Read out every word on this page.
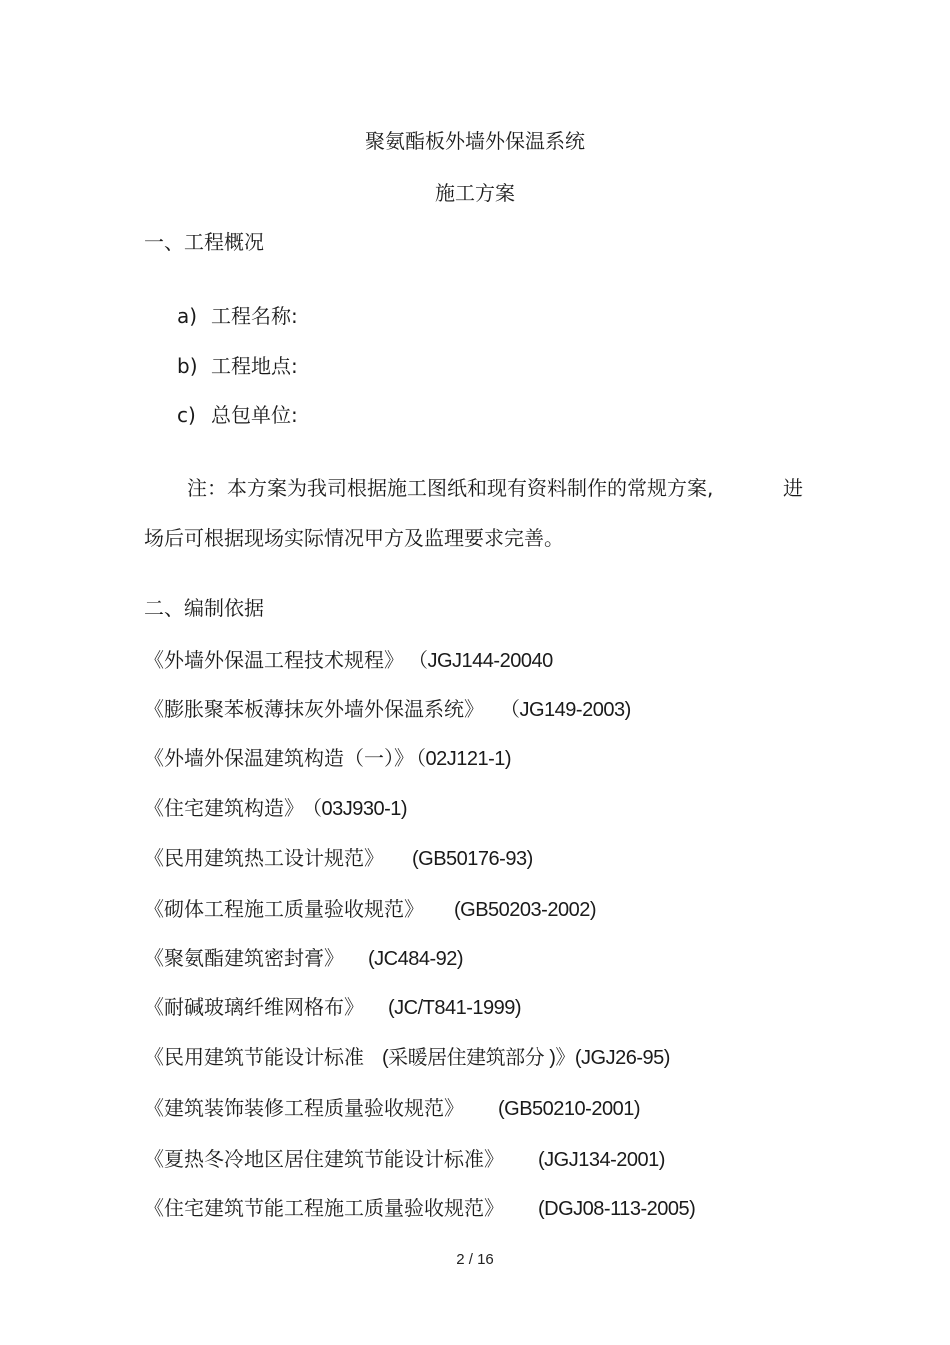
聚氨酯板外墙外保温系统
施工方案
一、工程概况
a) 工程名称:
b) 工程地点:
c) 总包单位:
注：本方案为我司根据施工图纸和现有资料制作的常规方案,	进
场后可根据现场实际情况甲方及监理要求完善。
二、编制依据
《外墙外保温工程技术规程》 （JGJ144-20040
《膨胀聚苯板薄抹灰外墙外保温系统》 （JG149-2003)
《外墙外保温建筑构造（一）》 （02J121-1)
《住宅建筑构造》 （03J930-1)
《民用建筑热工设计规范》 (GB50176-93)
《砌体工程施工质量验收规范》 (GB50203-2002)
《聚氨酯建筑密封膏》 (JC484-92)
《耐碱玻璃纤维网格布》 (JC/T841-1999)
《民用建筑节能设计标准 (采暖居住建筑部分 )》(JGJ26-95)
《建筑装饰装修工程质量验收规范》 (GB50210-2001)
《夏热冬冷地区居住建筑节能设计标准》 (JGJ134-2001)
《住宅建筑节能工程施工质量验收规范》 (DGJ08-113-2005)
2 / 16
